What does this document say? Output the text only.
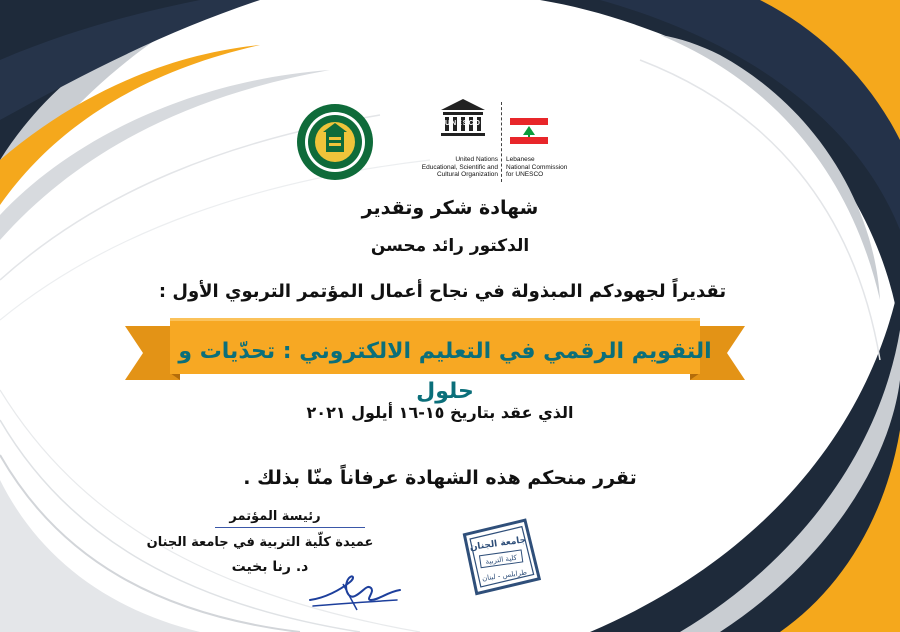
UNESCO
United Nations
Educational, Scientific and
Cultural Organization
Lebanese
National Commission
for UNESCO
شهادة شكر وتقدير
الدكتور رائد محسن
تقديراً لجهودكم المبذولة في نجاح أعمال المؤتمر التربوي الأول :
التقويم الرقمي في التعليم الالكتروني : تحدّيات و حلول
الذي عقد بتاريخ ١٥-١٦ أيلول ٢٠٢١
تقرر منحكم هذه الشهادة عرفاناً منّا بذلك .
رئيسة المؤتمر
عميدة كلّية التربية في جامعة الجنان
د. رنا بخيت
جامعة الجنان
كلية التربية
طرابلس - لبنان
